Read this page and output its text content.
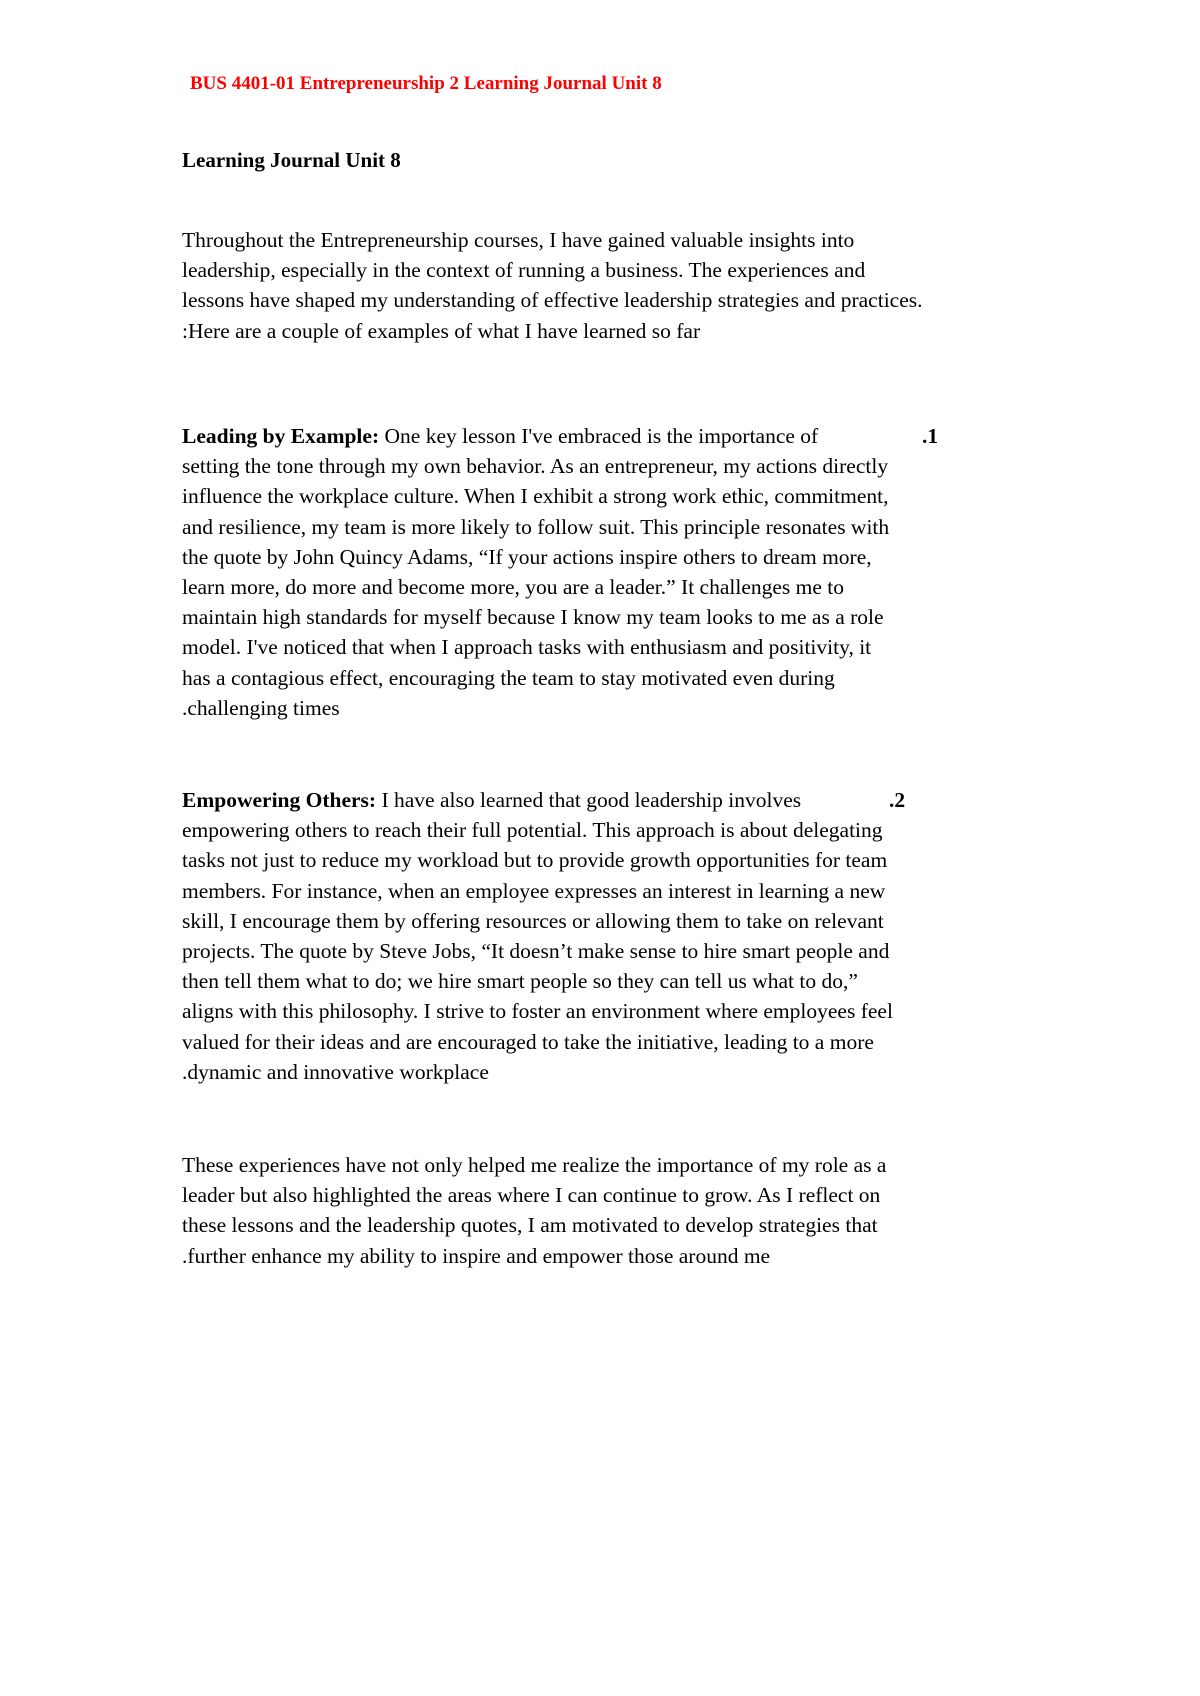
BUS 4401-01 Entrepreneurship 2 Learning Journal Unit 8
Learning Journal Unit 8
Throughout the Entrepreneurship courses, I have gained valuable insights into
leadership, especially in the context of running a business. The experiences and
lessons have shaped my understanding of effective leadership strategies and practices.
:Here are a couple of examples of what I have learned so far
Leading by Example: One key lesson I've embraced is the importance of	.1
setting the tone through my own behavior. As an entrepreneur, my actions directly
influence the workplace culture. When I exhibit a strong work ethic, commitment,
and resilience, my team is more likely to follow suit. This principle resonates with
the quote by John Quincy Adams, “If your actions inspire others to dream more,
learn more, do more and become more, you are a leader.” It challenges me to
maintain high standards for myself because I know my team looks to me as a role
model. I've noticed that when I approach tasks with enthusiasm and positivity, it
has a contagious effect, encouraging the team to stay motivated even during
.challenging times
Empowering Others: I have also learned that good leadership involves	.2
empowering others to reach their full potential. This approach is about delegating
tasks not just to reduce my workload but to provide growth opportunities for team
members. For instance, when an employee expresses an interest in learning a new
skill, I encourage them by offering resources or allowing them to take on relevant
projects. The quote by Steve Jobs, “It doesn’t make sense to hire smart people and
then tell them what to do; we hire smart people so they can tell us what to do,”
aligns with this philosophy. I strive to foster an environment where employees feel
valued for their ideas and are encouraged to take the initiative, leading to a more
.dynamic and innovative workplace
These experiences have not only helped me realize the importance of my role as a
leader but also highlighted the areas where I can continue to grow. As I reflect on
these lessons and the leadership quotes, I am motivated to develop strategies that
.further enhance my ability to inspire and empower those around me
